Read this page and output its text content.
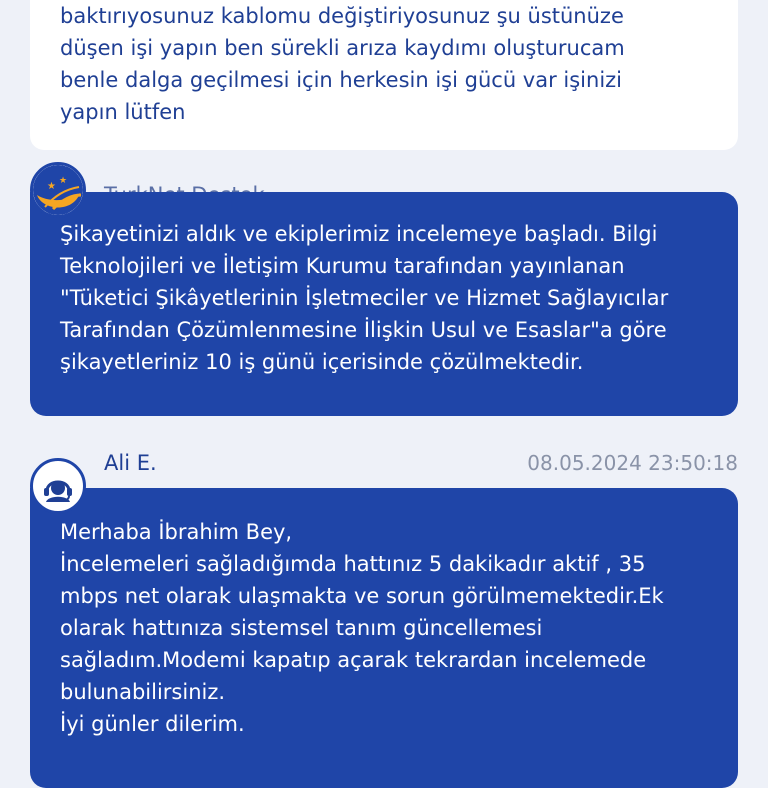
baktırıyosunuz kablomu değiştiriyosunuz şu üstünüze
düşen işi yapın ben sürekli arıza kaydımı oluşturucam
benle dalga geçilmesi için herkesin işi gücü var işinizi
yapın lütfen
Şikayetinizi aldık ve ekiplerimiz incelemeye başladı. Bilgi
Teknolojileri ve İletişim Kurumu tarafından yayınlanan
"Tüketici Şikâyetlerinin İşletmeciler ve Hizmet Sağlayıcılar
Tarafından Çözümlenmesine İlişkin Usul ve Esaslar"a göre
şikayetleriniz 10 iş günü içerisinde çözülmektedir.
★ ★
Ali E.	08.05.2024 23:50:18
Merhaba İbrahim Bey,
İncelemeleri sağladığımda hattınız 5 dakikadır aktif , 35
mbps net olarak ulaşmakta ve sorun görülmemektedir.Ek
olarak hattınıza sistemsel tanım güncellemesi
sağladım.Modemi kapatıp açarak tekrardan incelemede
bulunabilirsiniz.
İyi günler dilerim.
